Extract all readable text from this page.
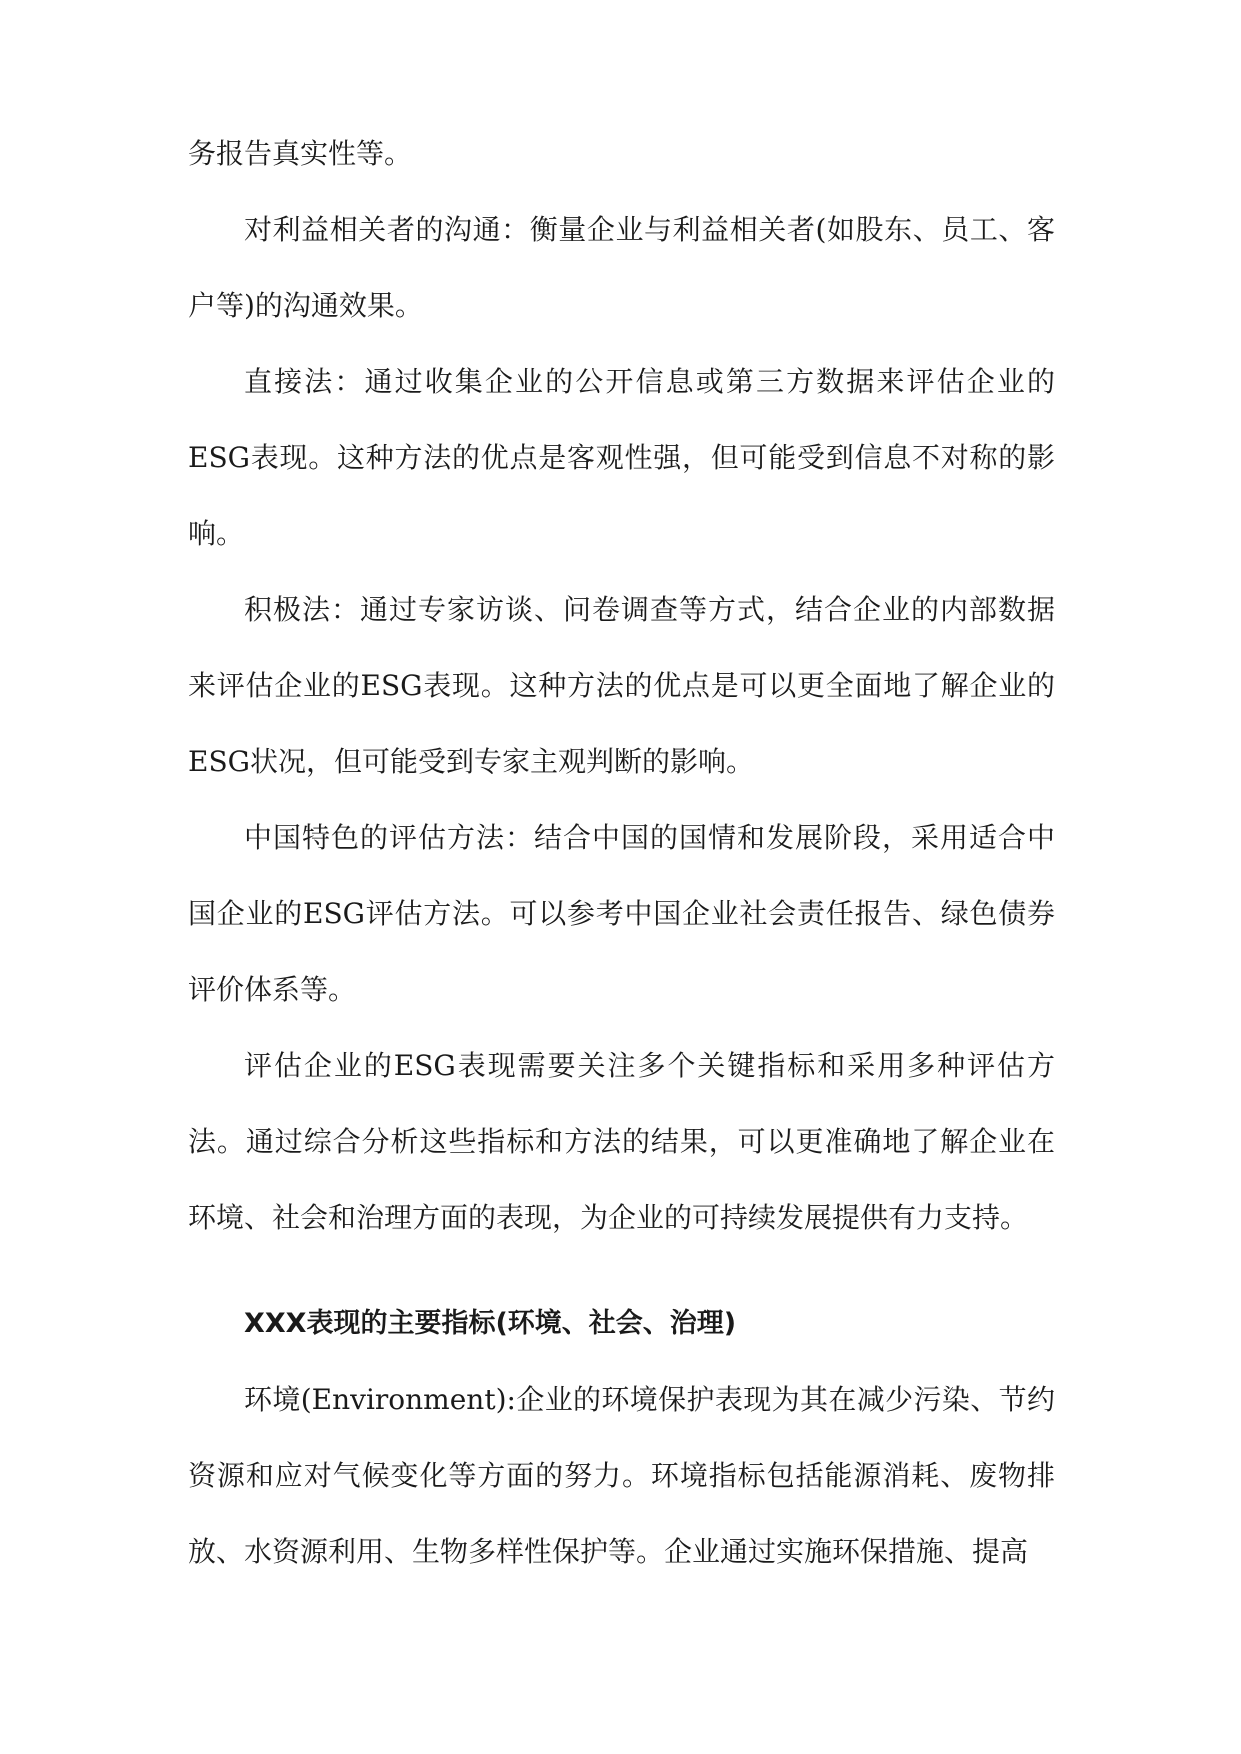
务报告真实性等。

对利益相关者的沟通：衡量企业与利益相关者(如股东、员工、客户等)的沟通效果。

直接法：通过收集企业的公开信息或第三方数据来评估企业的ESG表现。这种方法的优点是客观性强，但可能受到信息不对称的影响。

积极法：通过专家访谈、问卷调查等方式，结合企业的内部数据来评估企业的ESG表现。这种方法的优点是可以更全面地了解企业的ESG状况，但可能受到专家主观判断的影响。

中国特色的评估方法：结合中国的国情和发展阶段，采用适合中国企业的ESG评估方法。可以参考中国企业社会责任报告、绿色债券评价体系等。

评估企业的ESG表现需要关注多个关键指标和采用多种评估方法。通过综合分析这些指标和方法的结果，可以更准确地了解企业在环境、社会和治理方面的表现，为企业的可持续发展提供有力支持。

XXX表现的主要指标(环境、社会、治理)

环境(Environment):企业的环境保护表现为其在减少污染、节约资源和应对气候变化等方面的努力。环境指标包括能源消耗、废物排放、水资源利用、生物多样性保护等。企业通过实施环保措施、提高
